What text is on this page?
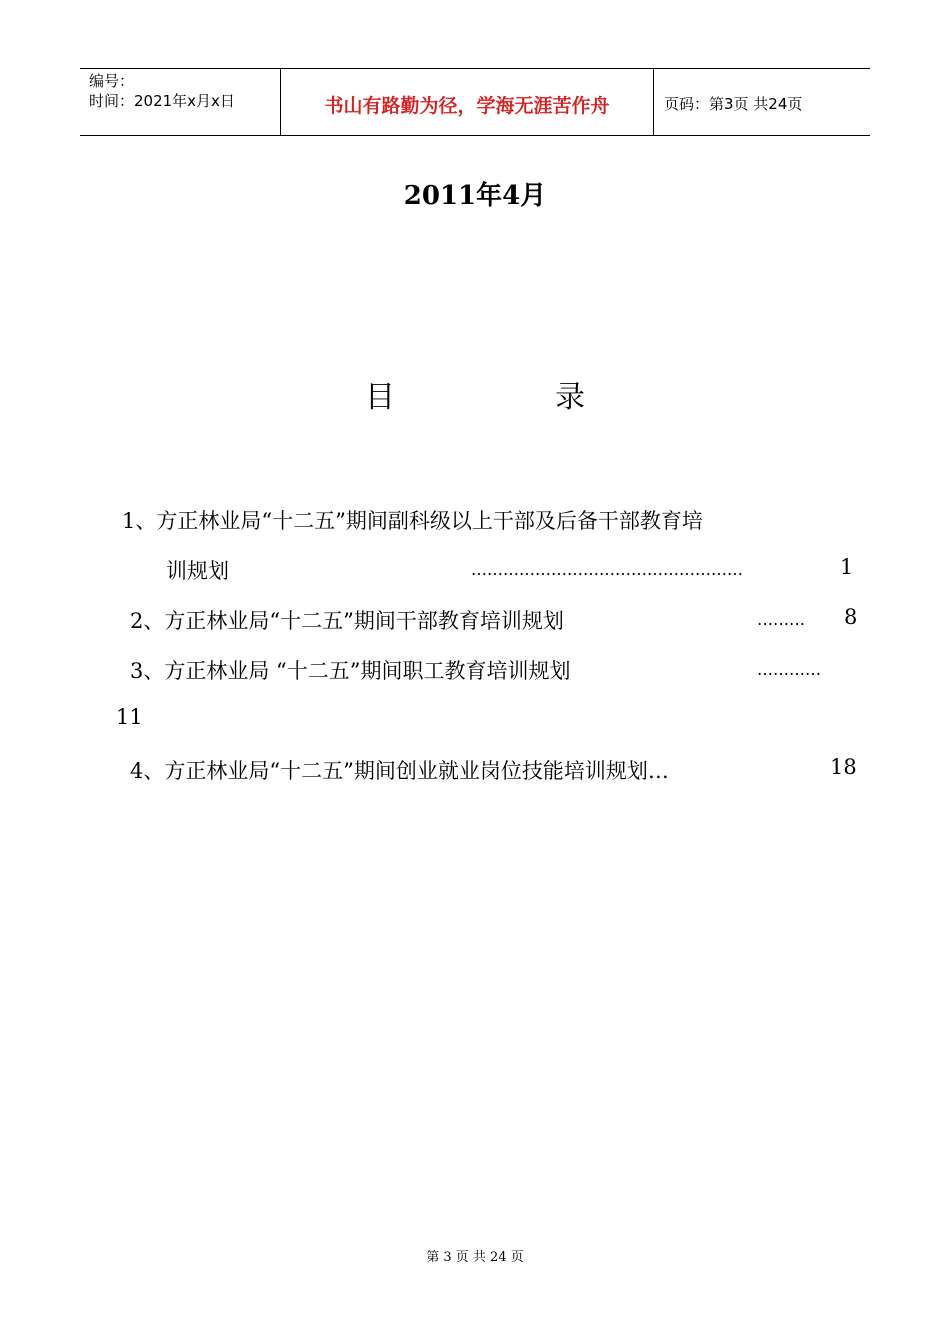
编号：
时间：2021年x月x日	书山有路勤为径，学海无涯苦作舟	页码：第3页 共24页
2011年4月
目	录
1、方正林业局“十二五”期间副科级以上干部及后备干部教育培
训规划	……………………………………………	1
2、方正林业局“十二五”期间干部教育培训规划	……… 8
3、方正林业局 “十二五”期间职工教育培训规划	…………
11
4、方正林业局“十二五”期间创业就业岗位技能培训规划…	18
第 3 页 共 24 页
